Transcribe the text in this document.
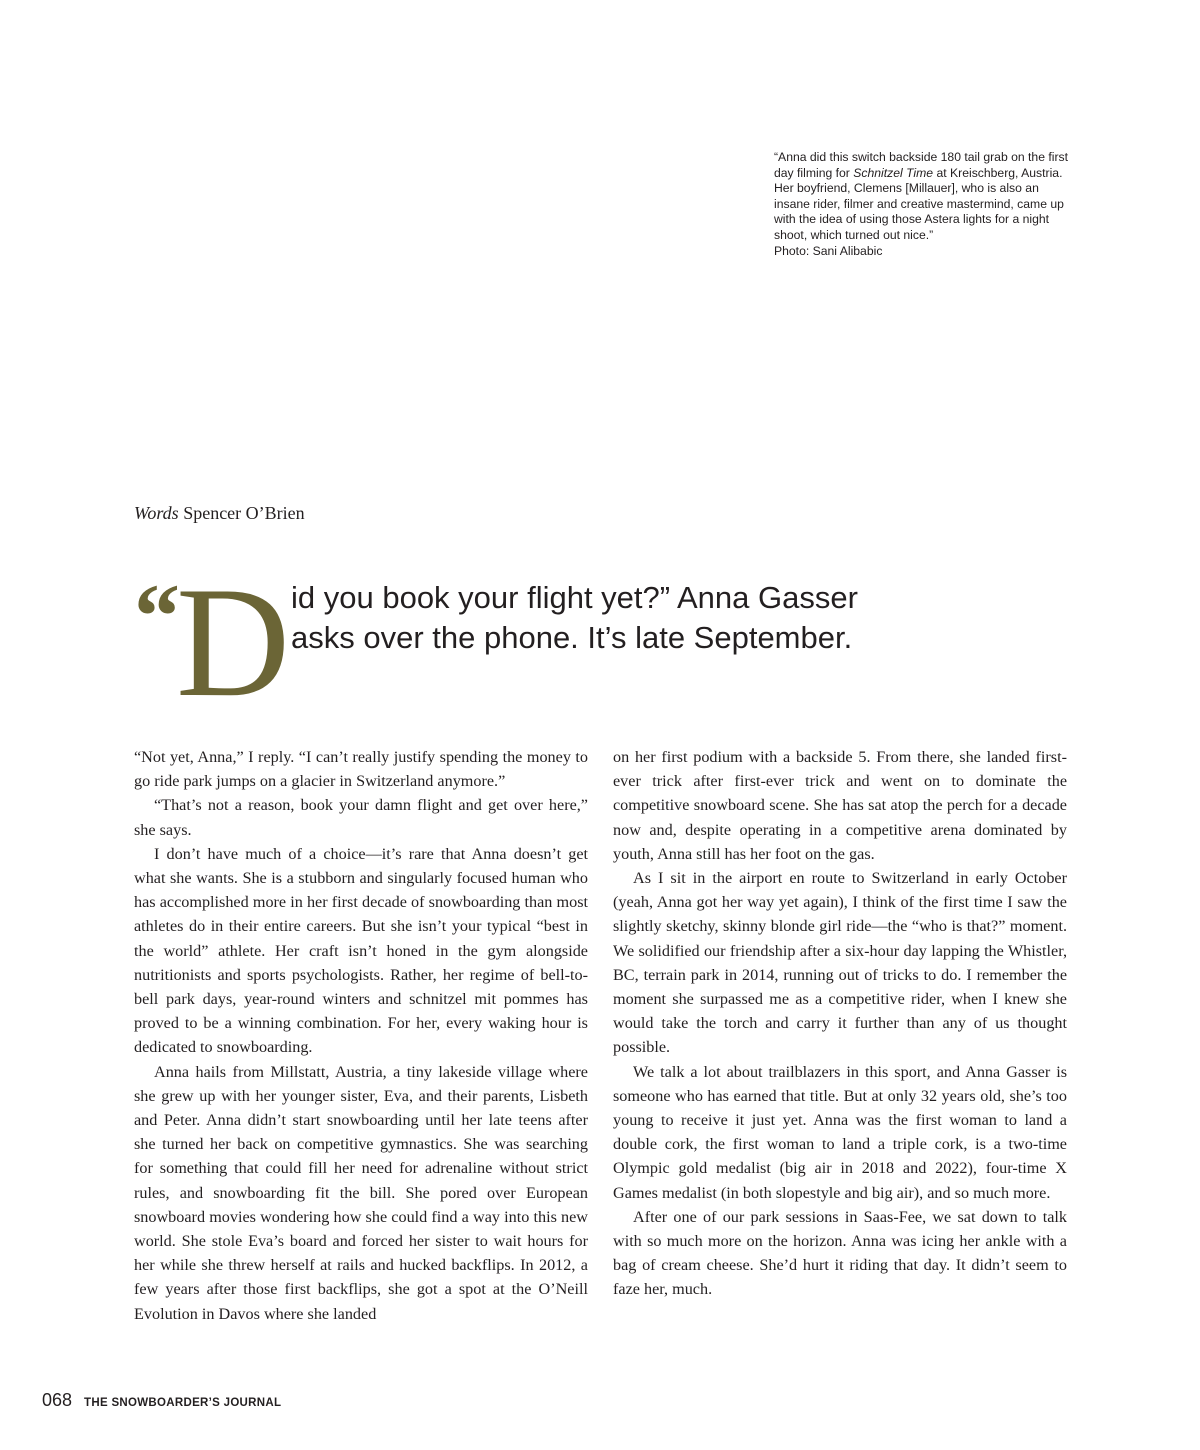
“Anna did this switch backside 180 tail grab on the first day filming for Schnitzel Time at Kreischberg, Austria. Her boyfriend, Clemens [Millauer], who is also an insane rider, filmer and creative mastermind, came up with the idea of using those Astera lights for a night shoot, which turned out nice.”

Photo: Sani Alibabic

Words Spencer O’Brien
“
D id you book your flight yet?” Anna Gasser
asks over the phone. It’s late September.

“Not yet, Anna,” I reply. “I can’t really justify spending the money to go ride park jumps on a glacier in Switzerland anymore.”

“That’s not a reason, book your damn flight and get over here,” she says.

I don’t have much of a choice—it’s rare that Anna doesn’t get what she wants. She is a stubborn and singularly focused human who has accomplished more in her first decade of snowboarding than most athletes do in their entire careers. But she isn’t your typical “best in the world” athlete. Her craft isn’t honed in the gym alongside nutritionists and sports psychologists. Rather, her regime of bell-to-bell park days, year-round winters and schnitzel mit pommes has proved to be a winning combination. For her, every waking hour is dedicated to snowboarding.

Anna hails from Millstatt, Austria, a tiny lakeside village where she grew up with her younger sister, Eva, and their parents, Lisbeth and Peter. Anna didn’t start snowboarding until her late teens after she turned her back on competitive gymnastics. She was searching for something that could fill her need for adrenaline without strict rules, and snowboarding fit the bill. She pored over European snowboard movies wondering how she could find a way into this new world. She stole Eva’s board and forced her sister to wait hours for her while she threw herself at rails and hucked backflips. In 2012, a few years after those first backflips, she got a spot at the O’Neill Evolution in Davos where she landed

on her first podium with a backside 5. From there, she landed first-ever trick after first-ever trick and went on to dominate the competitive snowboard scene. She has sat atop the perch for a decade now and, despite operating in a competitive arena dominated by youth, Anna still has her foot on the gas.

As I sit in the airport en route to Switzerland in early October (yeah, Anna got her way yet again), I think of the first time I saw the slightly sketchy, skinny blonde girl ride—the “who is that?” moment. We solidified our friendship after a six-hour day lapping the Whistler, BC, terrain park in 2014, running out of tricks to do. I remember the moment she surpassed me as a competitive rider, when I knew she would take the torch and carry it further than any of us thought possible.

We talk a lot about trailblazers in this sport, and Anna Gasser is someone who has earned that title. But at only 32 years old, she’s too young to receive it just yet. Anna was the first woman to land a double cork, the first woman to land a triple cork, is a two-time Olympic gold medalist (big air in 2018 and 2022), four-time X Games medalist (in both slopestyle and big air), and so much more.

After one of our park sessions in Saas-Fee, we sat down to talk with so much more on the horizon. Anna was icing her ankle with a bag of cream cheese. She’d hurt it riding that day. It didn’t seem to faze her, much.

068 THE SNOWBOARDER’S JOURNAL
